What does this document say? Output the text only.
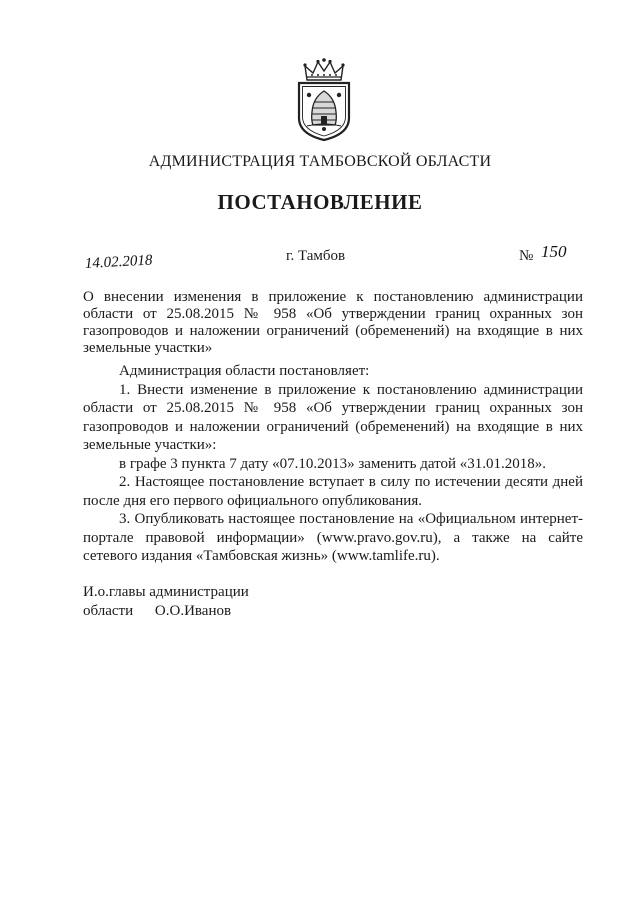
АДМИНИСТРАЦИЯ ТАМБОВСКОЙ ОБЛАСТИ
ПОСТАНОВЛЕНИЕ
14.02.2018	г. Тамбов	№ 150
О внесении изменения в приложение к постановлению администрации области от 25.08.2015 № 958 «Об утверждении границ охранных зон газопроводов и наложении ограничений (обременений) на входящие в них земельные участки»

Администрация области постановляет:

1. Внести изменение в приложение к постановлению администрации области от 25.08.2015 № 958 «Об утверждении границ охранных зон газопроводов и наложении ограничений (обременений) на входящие в них земельные участки»:

в графе 3 пункта 7 дату «07.10.2013» заменить датой «31.01.2018».

2. Настоящее постановление вступает в силу по истечении десяти дней после дня его первого официального опубликования.

3. Опубликовать настоящее постановление на «Официальном интернет-портале правовой информации» (www.pravo.gov.ru), а также на сайте сетевого издания «Тамбовская жизнь» (www.tamlife.ru).

И.о.главы администрации
области О.О.Иванов
